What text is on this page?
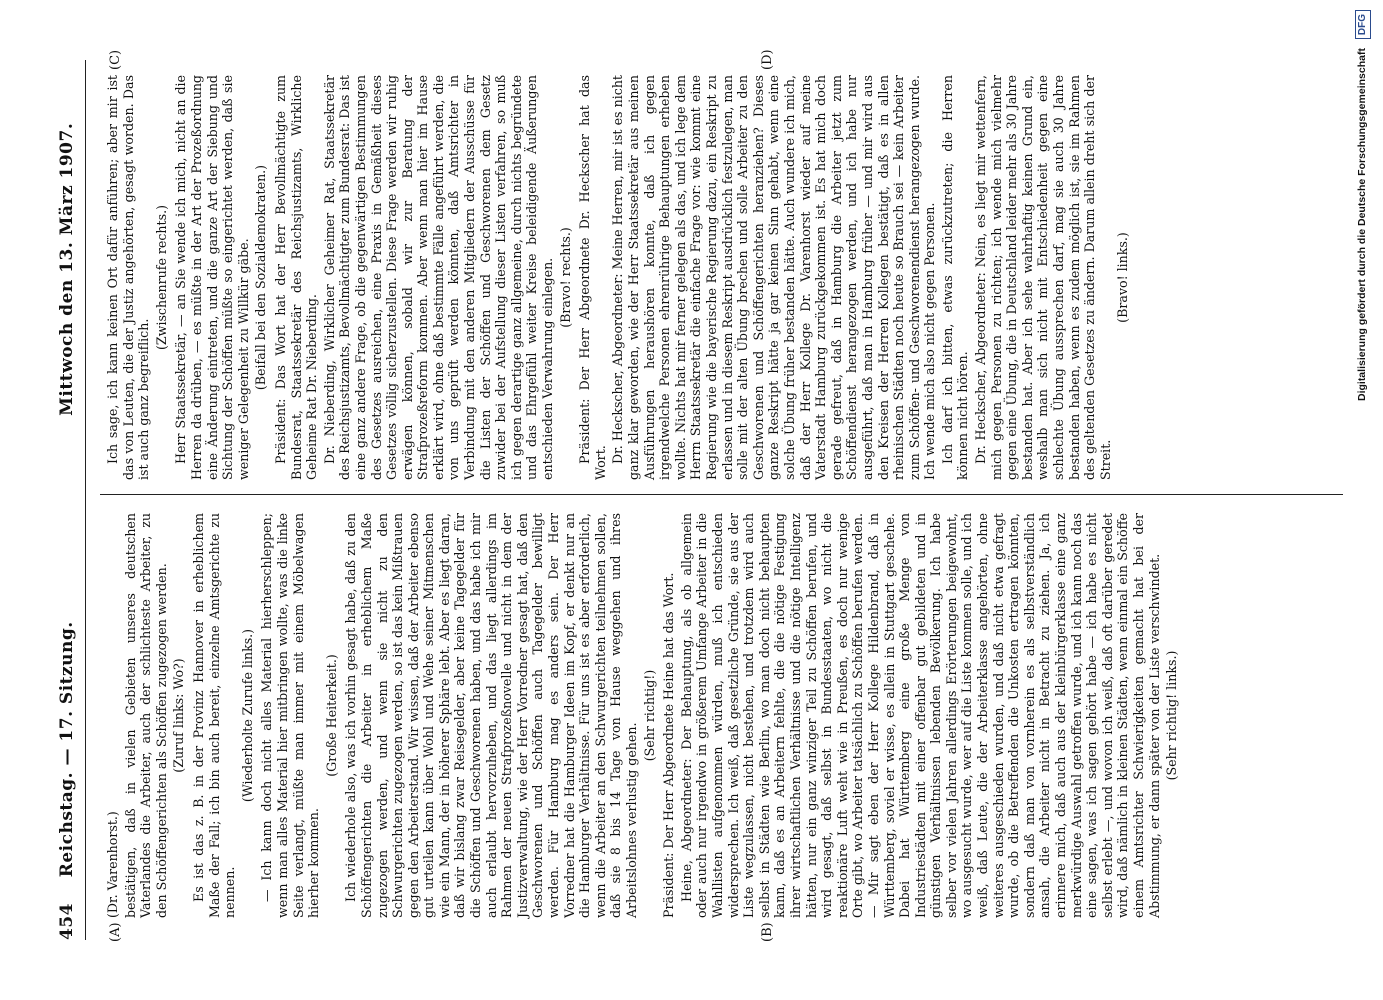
454
Reichstag. — 17. Sitzung.                                Mittwoch den 13. März 1907.
(A)	(B)
(C)	(D)

(Dr. Varenhorst.) bestätigen, daß in vielen Gebieten unseres deutschen Vaterlandes die Arbeiter, auch der schlichteste Arbeiter, zu den Schöffengerichten als Schöffen zugezogen werden. (Zuruf links: Wo?) Es ist das z. B. in der Provinz Hannover in erheblichem Maße der Fall; ich bin auch bereit, einzelne Amtsgerichte zu nennen.

(Wiederholte Zurufe links.) — Ich kann doch nicht alles Material hierherschleppen; wenn man alles Material hier mitbringen wollte, was die linke Seite verlangt, müßte man immer mit einem Möbelwagen hierher kommen.

(Große Heiterkeit.) Ich wiederhole also, was ich vorhin gesagt habe, daß zu den Schöffengerichten die Arbeiter in erheblichem Maße zugezogen werden, und wenn sie nicht zu den Schwurgerichten zugezogen werden, so ist das kein Mißtrauen gegen den Arbeiterstand. Wir wissen, daß der Arbeiter ebenso gut urteilen kann über Wohl und Wehe seiner Mitmenschen wie ein Mann, der in höherer Sphäre lebt. Aber es liegt daran, daß wir bislang zwar Reisegelder, aber keine Tagegelder für die Schöffen und Geschworenen haben, und das habe ich mir auch erlaubt hervorzuheben, und das liegt allerdings im Rahmen der neuen Strafprozeßnovelle und nicht in dem der Justizverwaltung, wie der Herr Vorredner gesagt hat, daß den Geschworenen und Schöffen auch Tagegelder bewilligt werden. Für Hamburg mag es anders sein. Der Herr Vorredner hat die Hamburger Ideen im Kopf, er denkt nur an die Hamburger Verhältnisse. Für uns ist es aber erforderlich, wenn die Arbeiter an den Schwurgerichten teilnehmen sollen, daß sie 8 bis 14 Tage von Hause weggehen und ihres Arbeitslohnes verlustig gehen.

(Sehr richtig!) Präsident: Der Herr Abgeordnete Heine hat das Wort. Heine, Abgeordneter: Der Behauptung, als ob allgemein oder auch nur irgendwo in größerem Umfange Arbeiter in die Wahllisten aufgenommen würden, muß ich entschieden widersprechen. Ich weiß, daß gesetzliche Gründe, sie aus der Liste wegzulassen, nicht bestehen, und trotzdem wird auch selbst in Städten wie Berlin, wo man doch nicht behaupten kann, daß es an Arbeitern fehlte, die die nötige Festigung ihrer wirtschaftlichen Verhältnisse und die nötige Intelligenz hätten, nur ein ganz winziger Teil zu Schöffen berufen, und wird gesagt, daß selbst in Bundesstaaten, wo nicht die reaktionäre Luft weht wie in Preußen, es doch nur wenige Orte gibt, wo Arbeiter tatsächlich zu Schöffen berufen werden. — Mir sagt eben der Herr Kollege Hildenbrand, daß in Württemberg, soviel er wisse, es allein in Stuttgart geschehe. Dabei hat Württemberg eine große Menge von Industriestädten mit einer offenbar gut gebildeten und in günstigen Verhältnissen lebenden Bevölkerung. Ich habe selber vor vielen Jahren allerdings Erörterungen beigewohnt, wo ausgesucht wurde, wer auf die Liste kommen solle, und ich weiß, daß Leute, die der Arbeiterklasse angehörten, ohne weiteres ausgeschieden wurden, und daß nicht etwa gefragt wurde, ob die Betreffenden die Unkosten ertragen könnten, sondern daß man von vornherein es als selbstverständlich ansah, die Arbeiter nicht in Betracht zu ziehen. Ja, ich erinnere mich, daß auch aus der kleinbürgerklasse eine ganz merkwürdige Auswahl getroffen wurde, und ich kann noch das eine sagen, was ich sagen gehört habe — ich habe es nicht selbst erlebt —, und wovon ich weiß, daß oft darüber geredet wird, daß nämlich in kleinen Städten, wenn einmal ein Schöffe einem Amtsrichter Schwierigkeiten gemacht hat bei der Abstimmung, er dann später von der Liste verschwindet. (Sehr richtig! links.)

Ich sage, ich kann keinen Ort dafür anführen; aber mir ist das von Leuten, die der Justiz angehörten, gesagt worden. Das ist auch ganz begreiflich.

(Zwischenrufe rechts.) Herr Staatssekretär, — an Sie wende ich mich, nicht an die Herren da drüben, — es müßte in der Art der Prozeßordnung eine Änderung eintreten, und die ganze Art der Siebung und Sichtung der Schöffen müßte so eingerichtet werden, daß sie weniger Gelegenheit zu Willkür gäbe. (Beifall bei den Sozialdemokraten.) Präsident: Das Wort hat der Herr Bevollmächtigte zum Bundesrat, Staatssekretär des Reichsjustizamts, Wirkliche Geheime Rat Dr. Nieberding. Dr. Nieberding, Wirklicher Geheimer Rat, Staatssekretär des Reichsjustizamts, Bevollmächtigter zum Bundesrat: Das ist eine ganz andere Frage, ob die gegenwärtigen Bestimmungen des Gesetzes ausreichen, eine Praxis in Gemäßheit dieses Gesetzes völlig sicherzustellen. Diese Frage werden wir ruhig erwägen können, sobald wir zur Beratung der Strafprozeßreform kommen. Aber wenn man hier im Hause erklärt wird, ohne daß bestimmte Fälle angeführt werden, die von uns geprüft werden könnten, daß Amtsrichter in Verbindung mit den anderen Mitgliedern der Ausschüsse für die Listen der Schöffen und Geschworenen dem Gesetz zuwider bei der Aufstellung dieser Listen verfahren, so muß ich gegen derartige ganz allgemeine, durch nichts begründete und das Ehrgefühl weiter Kreise beleidigende Äußerungen entschieden Verwahrung einlegen. (Bravo! rechts.) Präsident: Der Herr Abgeordnete Dr. Heckscher hat das Wort. Dr. Heckscher, Abgeordneter: Meine Herren, mir ist es nicht ganz klar geworden, wie der Herr Staatssekretär aus meinen Ausführungen heraushören konnte, daß ich gegen irgendwelche Personen ehrenrührige Behauptungen erheben wollte. Nichts hat mir ferner gelegen als das, und ich lege dem Herrn Staatssekretär die einfache Frage vor: wie kommt eine Regierung wie die bayerische Regierung dazu, ein Reskript zu erlassen und in diesem Reskript ausdrücklich festzulegen, man solle mit der alten Übung brechen und solle Arbeiter zu den Geschworenen und Schöffengerichten heranziehen? Dieses ganze Reskript hätte ja gar keinen Sinn gehabt, wenn eine solche Übung früher bestanden hätte. Auch wundere ich mich, daß der Herr Kollege Dr. Varenhorst wieder auf meine Vaterstadt Hamburg zurückgekommen ist. Es hat mich doch gerade gefreut, daß in Hamburg die Arbeiter jetzt zum Schöffendienst herangezogen werden, und ich habe nur ausgeführt, daß man in Hamburg früher — und mir wird aus den Kreisen der Herren Kollegen bestätigt, daß es in allen rheinischen Städten noch heute so Brauch sei — kein Arbeiter zum Schöffen- und Geschworenendienst herangezogen wurde. Ich wende mich also nicht gegen Personen. Ich darf ich bitten, etwas zurückzutreten; die Herren können nicht hören. Dr. Heckscher, Abgeordneter: Nein, es liegt mir wettenfern, mich gegen Personen zu richten; ich wende mich vielmehr gegen eine Übung, die in Deutschland leider mehr als 30 Jahre bestanden hat. Aber ich sehe wahrhaftig keinen Grund ein, weshalb man sich nicht mit Entschiedenheit gegen eine schlechte Übung aussprechen darf, mag sie auch 30 Jahre bestanden haben, wenn es zudem möglich ist, sie im Rahmen des geltenden Gesetzes zu ändern. Darum allein dreht sich der Streit.

(Bravo! links.)	Digitalisierung gefördert durch die Deutsche Forschungsgemeinschaft DFG
